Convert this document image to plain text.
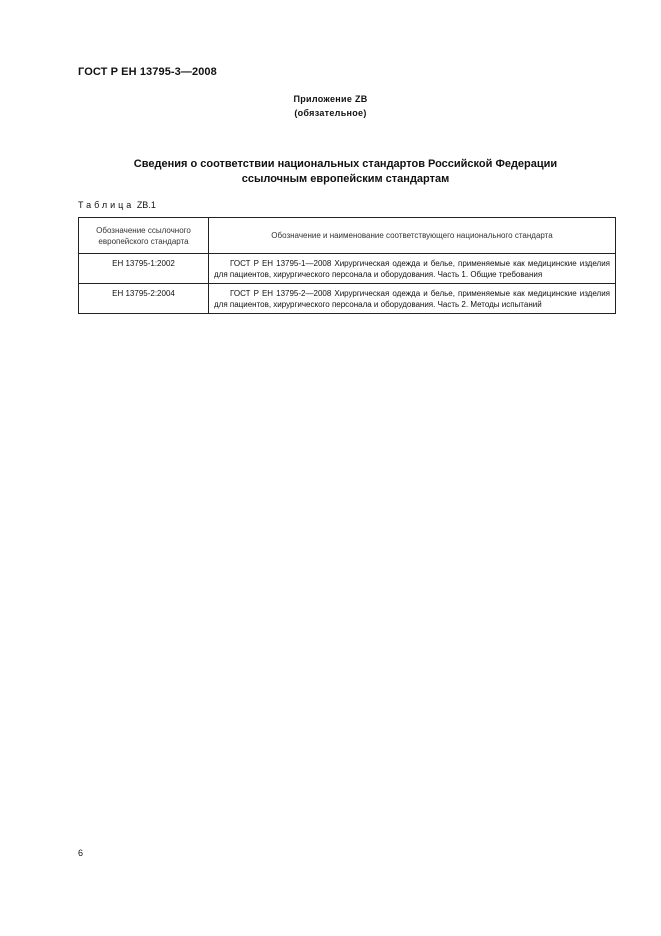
ГОСТ Р ЕН 13795-3—2008
Приложение ZB
(обязательное)
Сведения о соответствии национальных стандартов Российской Федерации
ссылочным европейским стандартам
Таблица ZB.1
Обозначение ссылочного европейского стандарта	Обозначение и наименование соответствующего национального стандарта
ЕН 13795-1:2002	ГОСТ Р ЕН 13795-1—2008 Хирургическая одежда и белье, применяемые как медицинские изделия для пациентов, хирургического персонала и оборудования. Часть 1. Общие требования
ЕН 13795-2:2004	ГОСТ Р ЕН 13795-2—2008 Хирургическая одежда и белье, применяемые как медицинские изделия для пациентов, хирургического персонала и оборудования. Часть 2. Методы испытаний
6
